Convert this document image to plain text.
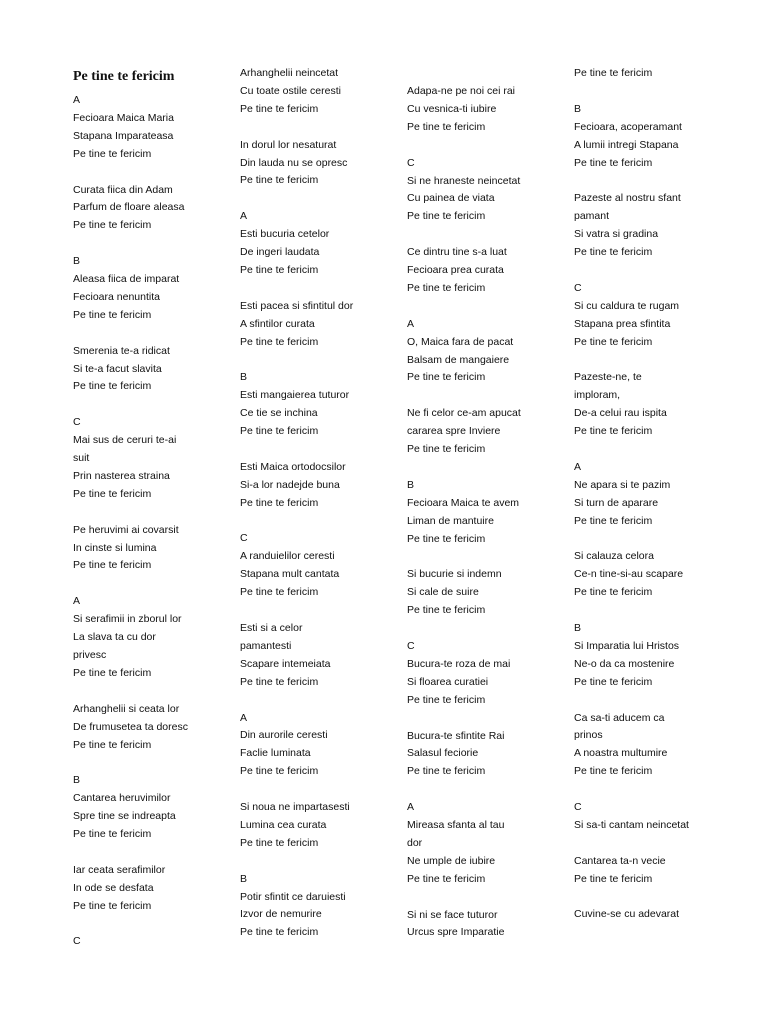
Pe tine te fericim
A
Fecioara Maica Maria
Stapana Imparateasa
Pe tine te fericim
Curata fiica din Adam
Parfum de floare aleasa
Pe tine te fericim
B
Aleasa fiica de imparat
Fecioara nenuntita
Pe tine te fericim
Smerenia te-a ridicat
Si te-a facut slavita
Pe tine te fericim
C
Mai sus de ceruri te-ai
suit
Prin nasterea straina
Pe tine te fericim
Pe heruvimi ai covarsit
In cinste si lumina
Pe tine te fericim
A
Si serafimii in zborul lor
La slava ta cu dor
privesc
Pe tine te fericim
Arhanghelii si ceata lor
De frumusetea ta doresc
Pe tine te fericim
B
Cantarea heruvimilor
Spre tine se indreapta
Pe tine te fericim
Iar ceata serafimilor
In ode se desfata
Pe tine te fericim
C
Arhanghelii neincetat
Cu toate ostile ceresti
Pe tine te fericim
In dorul lor nesaturat
Din lauda nu se opresc
Pe tine te fericim
A
Esti bucuria cetelor
De ingeri laudata
Pe tine te fericim
Esti pacea si sfintitul dor
A sfintilor curata
Pe tine te fericim
B
Esti mangaierea tuturor
Ce tie se inchina
Pe tine te fericim
Esti Maica ortodocsilor
Si-a lor nadejde buna
Pe tine te fericim
C
A randuielilor ceresti
Stapana mult cantata
Pe tine te fericim
Esti si a celor
pamantesti
Scapare intemeiata
Pe tine te fericim
A
Din aurorile ceresti
Faclie luminata
Pe tine te fericim
Si noua ne impartasesti
Lumina cea curata
Pe tine te fericim
B
Potir sfintit ce daruiesti
Izvor de nemurire
Pe tine te fericim
Adapa-ne pe noi cei rai
Cu vesnica-ti iubire
Pe tine te fericim
C
Si ne hraneste neincetat
Cu painea de viata
Pe tine te fericim
Ce dintru tine s-a luat
Fecioara prea curata
Pe tine te fericim
A
O, Maica fara de pacat
Balsam de mangaiere
Pe tine te fericim
Ne fi celor ce-am apucat
cararea spre Inviere
Pe tine te fericim
B
Fecioara Maica te avem
Liman de mantuire
Pe tine te fericim
Si bucurie si indemn
Si cale de suire
Pe tine te fericim
C
Bucura-te roza de mai
Si floarea curatiei
Pe tine te fericim
Bucura-te sfintite Rai
Salasul feciorie
Pe tine te fericim
A
Mireasa sfanta al tau
dor
Ne umple de iubire
Pe tine te fericim
Si ni se face tuturor
Urcus spre Imparatie
Pe tine te fericim
B
Fecioara, acoperamant
A lumii intregi Stapana
Pe tine te fericim
Pazeste al nostru sfant
pamant
Si vatra si gradina
Pe tine te fericim
C
Si cu caldura te rugam
Stapana prea sfintita
Pe tine te fericim
Pazeste-ne, te
imploram,
De-a celui rau ispita
Pe tine te fericim
A
Ne apara si te pazim
Si turn de aparare
Pe tine te fericim
Si calauza celora
Ce-n tine-si-au scapare
Pe tine te fericim
B
Si Imparatia lui Hristos
Ne-o da ca mostenire
Pe tine te fericim
Ca sa-ti aducem ca
prinos
A noastra multumire
Pe tine te fericim
C
Si sa-ti cantam neincetat
Cantarea ta-n vecie
Pe tine te fericim
Cuvine-se cu adevarat
